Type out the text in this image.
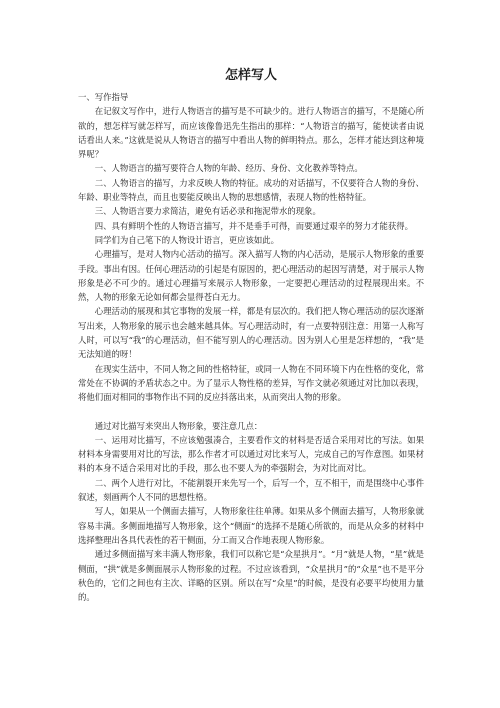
怎样写人

一、写作指导

在记叙文写作中，进行人物语言的描写是不可缺少的。进行人物语言的描写，不是随心所欲的，想怎样写就怎样写，而应该像鲁迅先生指出的那样：“人物语言的描写，能使读者由说话看出人来。”这就是说从人物语言的描写中看出人物的鲜明特点。那么，怎样才能达到这种境界呢？

一、人物语言的描写要符合人物的年龄、经历、身份、文化教养等特点。

二、人物语言的描写，力求反映人物的特征。成功的对话描写，不仅要符合人物的身份、年龄、职业等特点，而且也要能反映出人物的思想感情，表现人物的性格特征。

三、人物语言要力求简洁，避免有话必录和拖泥带水的现象。

四、具有鲜明个性的人物语言描写，并不是垂手可得，而要通过艰辛的努力才能获得。

同学们为自己笔下的人物设计语言，更应该如此。

心理描写，是对人物内心活动的描写。深入描写人物的内心活动，是展示人物形象的重要手段。事出有因。任何心理活动的引起是有原因的，把心理活动的起因写清楚，对于展示人物形象是必不可少的。通过心理描写来展示人物形象，一定要把心理活动的过程展现出来。不然，人物的形象无论如何都会显得苍白无力。

心理活动的展现和其它事物的发展一样，都是有层次的。我们把人物心理活动的层次逐渐写出来，人物形象的展示也会越来越具体。写心理活动时，有一点要特别注意：用第一人称写人时，可以写“我”的心理活动，但不能写别人的心理活动。因为别人心里是怎样想的，“我”是无法知道的呀！

在现实生活中，不同人物之间的性格特征，或同一人物在不同环境下内在性格的变化，常常处在不协调的矛盾状态之中。为了显示人物性格的差异，写作文就必须通过对比加以表现，将他们面对相同的事物作出不同的反应抖落出来，从而突出人物的形象。

通过对比描写来突出人物形象，要注意几点：

一、运用对比描写，不应该勉强凑合，主要看作文的材料是否适合采用对比的写法。如果材料本身需要用对比的写法，那么作者才可以通过对比来写人，完成自己的写作意图。如果材料的本身不适合采用对比的手段，那么也不要人为的牵强附会，为对比而对比。

二、两个人进行对比，不能割裂开来先写一个，后写一个，互不相干，而是围绕中心事件叙述，刻画两个人不同的思想性格。

写人，如果从一个侧面去描写，人物形象往往单薄。如果从多个侧面去描写，人物形象就容易丰满。多侧面地描写人物形象，这个“侧面”的选择不是随心所欲的，而是从众多的材料中选择整理出各具代表性的若干侧面，分工而又合作地表现人物形象。

通过多侧面描写来丰满人物形象，我们可以称它是“众星拱月”。“月”就是人物，“星”就是侧面，“拱”就是多侧面展示人物形象的过程。不过应该看到，“众星拱月”的“众星”也不是平分秋色的，它们之间也有主次、详略的区别。所以在写“众星”的时候，是没有必要平均使用力量的。
